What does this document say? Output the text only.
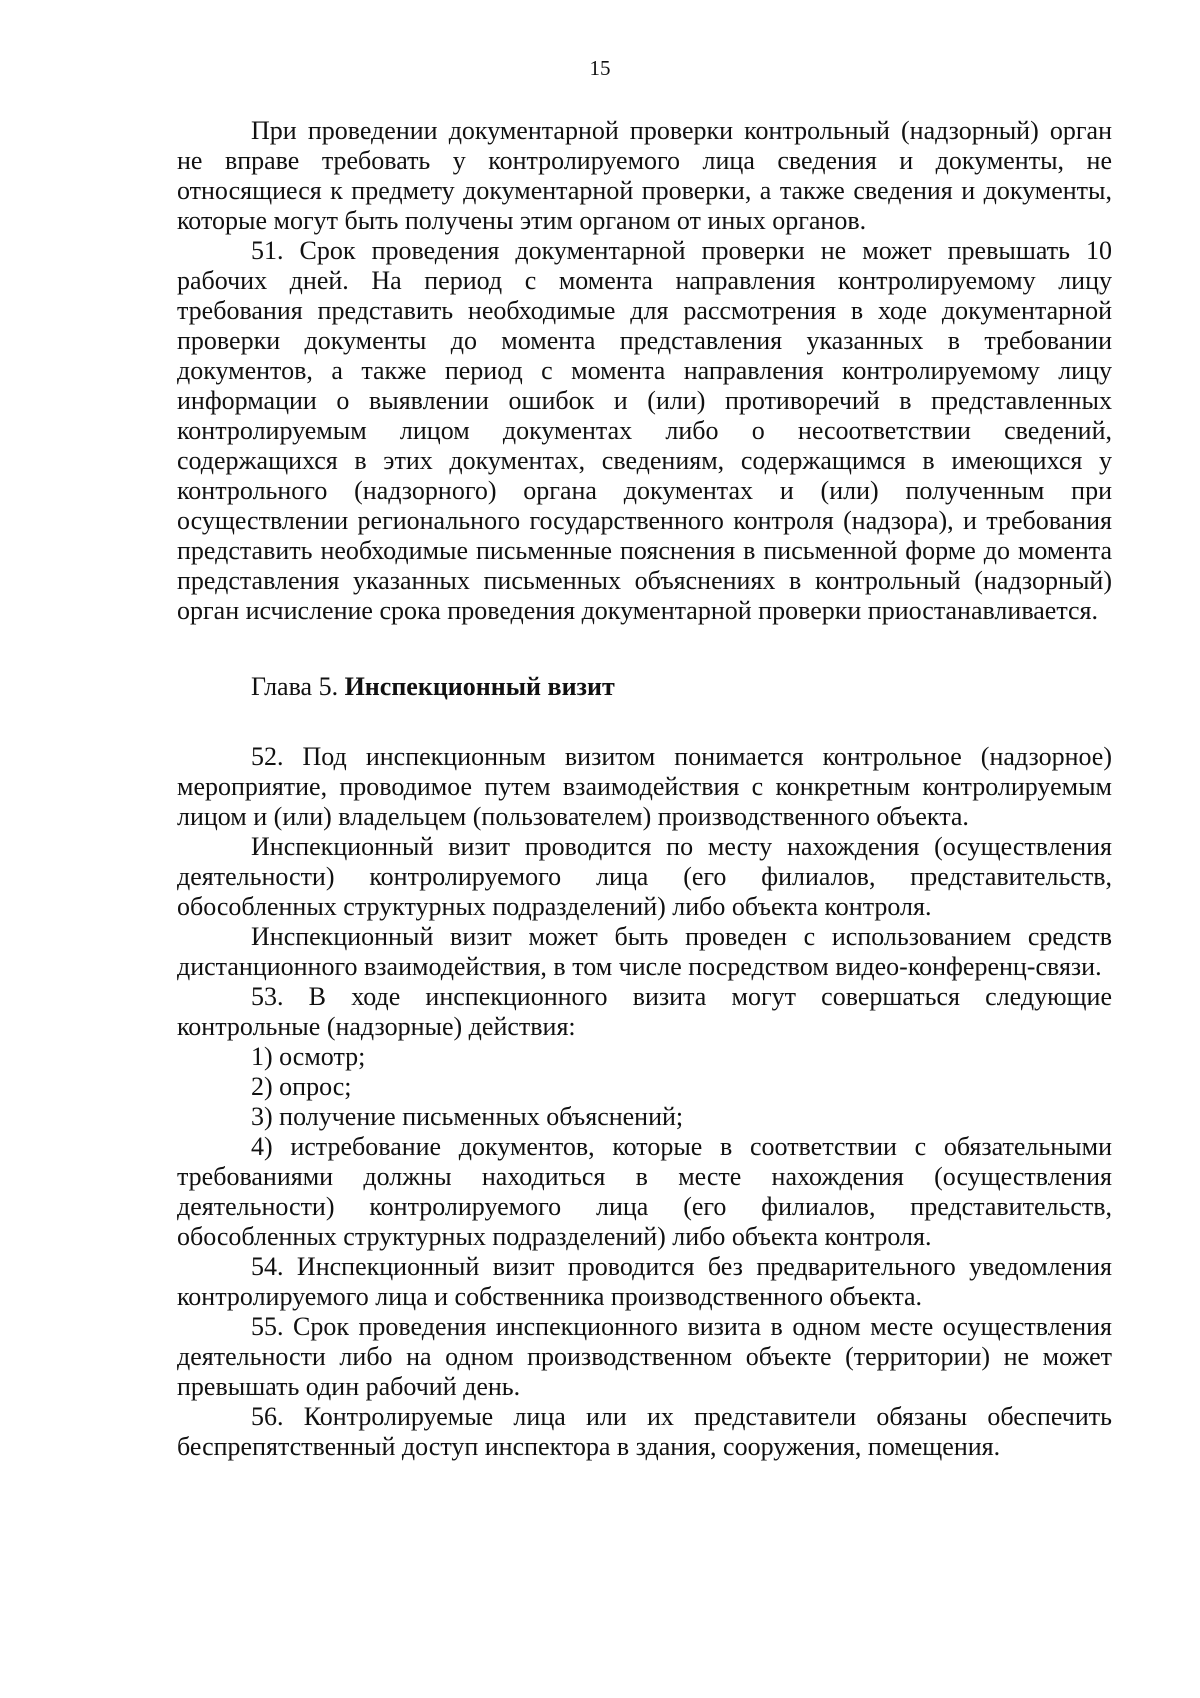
15

При проведении документарной проверки контрольный (надзорный) орган не вправе требовать у контролируемого лица сведения и документы, не относящиеся к предмету документарной проверки, а также сведения и документы, которые могут быть получены этим органом от иных органов.

51. Срок проведения документарной проверки не может превышать 10 рабочих дней. На период с момента направления контролируемому лицу требования представить необходимые для рассмотрения в ходе документарной проверки документы до момента представления указанных в требовании документов, а также период с момента направления контролируемому лицу информации о выявлении ошибок и (или) противоречий в представленных контролируемым лицом документах либо о несоответствии сведений, содержащихся в этих документах, сведениям, содержащимся в имеющихся у контрольного (надзорного) органа документах и (или) полученным при осуществлении регионального государственного контроля (надзора), и требования представить необходимые письменные пояснения в письменной форме до момента представления указанных письменных объяснениях в контрольный (надзорный) орган исчисление срока проведения документарной проверки приостанавливается.

Глава 5. Инспекционный визит

52. Под инспекционным визитом понимается контрольное (надзорное) мероприятие, проводимое путем взаимодействия с конкретным контролируемым лицом и (или) владельцем (пользователем) производственного объекта.

Инспекционный визит проводится по месту нахождения (осуществления деятельности) контролируемого лица (его филиалов, представительств, обособленных структурных подразделений) либо объекта контроля.

Инспекционный визит может быть проведен с использованием средств дистанционного взаимодействия, в том числе посредством видео-конференц-связи.

53. В ходе инспекционного визита могут совершаться следующие контрольные (надзорные) действия:

1) осмотр;

2) опрос;

3) получение письменных объяснений;

4) истребование документов, которые в соответствии с обязательными требованиями должны находиться в месте нахождения (осуществления деятельности) контролируемого лица (его филиалов, представительств, обособленных структурных подразделений) либо объекта контроля.

54. Инспекционный визит проводится без предварительного уведомления контролируемого лица и собственника производственного объекта.

55. Срок проведения инспекционного визита в одном месте осуществления деятельности либо на одном производственном объекте (территории) не может превышать один рабочий день.

56. Контролируемые лица или их представители обязаны обеспечить беспрепятственный доступ инспектора в здания, сооружения, помещения.
